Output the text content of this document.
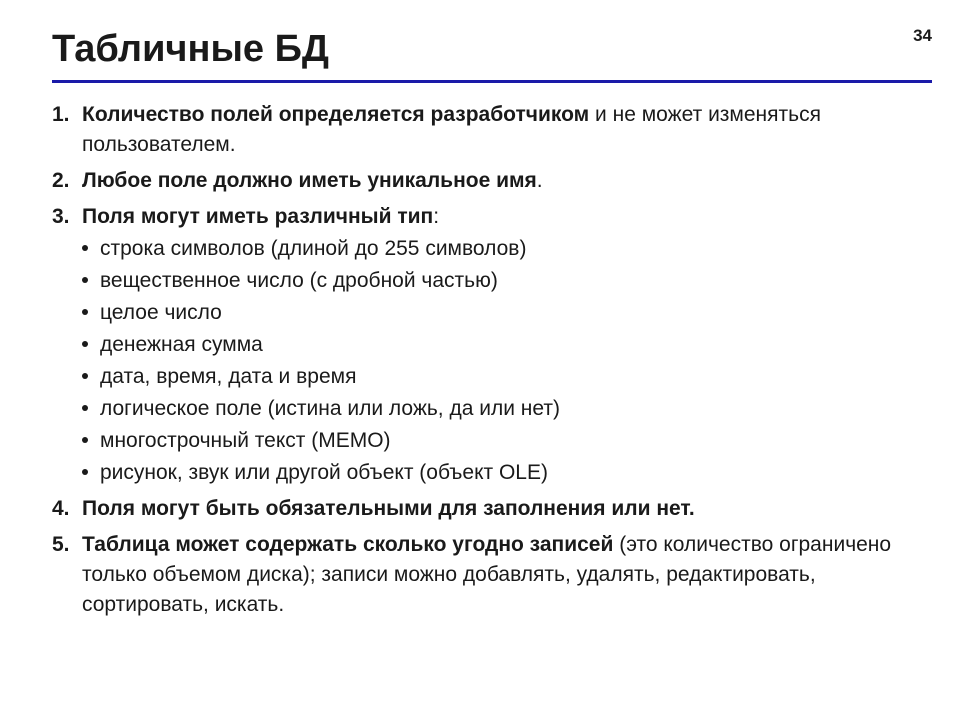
Табличные БД	34
1. Количество полей определяется разработчиком и не может изменяться пользователем.
2. Любое поле должно иметь уникальное имя.
3. Поля могут иметь различный тип:
строка символов (длиной до 255 символов)
вещественное число (с дробной частью)
целое число
денежная сумма
дата, время, дата и время
логическое поле (истина или ложь, да или нет)
многострочный текст (МЕМО)
рисунок, звук или другой объект (объект OLE)
4. Поля могут быть обязательными для заполнения или нет.
5. Таблица может содержать сколько угодно записей (это количество ограничено только объемом диска); записи можно добавлять, удалять, редактировать, сортировать, искать.
